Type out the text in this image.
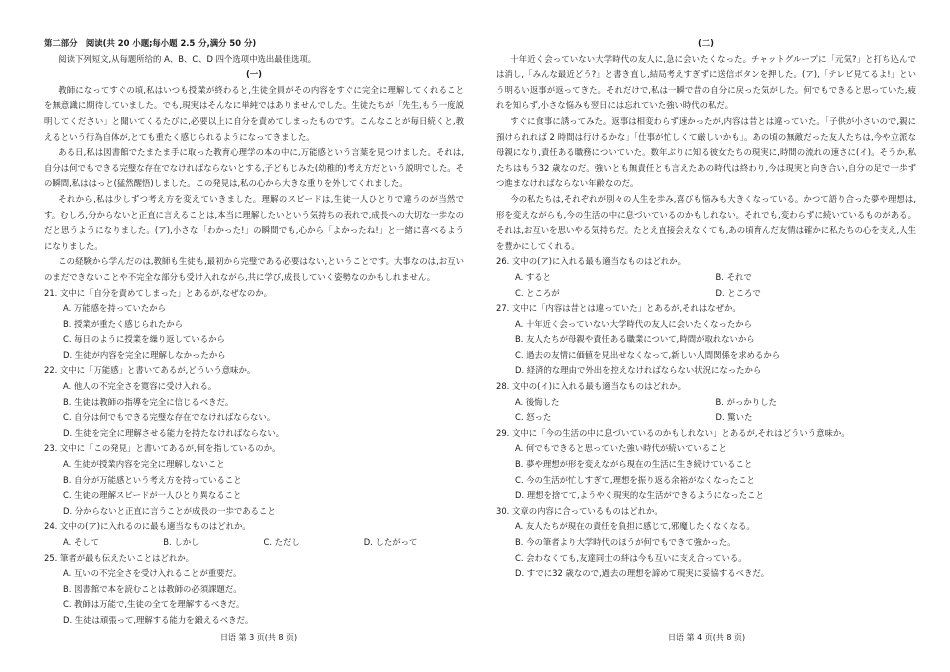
第二部分　阅读(共 20 小题;每小题 2.5 分,满分 50 分)

阅读下列短文,从每题所给的 A、B、C、D 四个选项中选出最佳选项。

(一)

教師になってすぐの頃,私はいつも授業が終わると,生徒全員がその内容をすぐに完全に理解してくれることを無意識に期待していました。でも,現実はそんなに単純ではありませんでした。生徒たちが「先生,もう一度説明してください」と聞いてくるたびに,必要以上に自分を責めてしまったものです。こんなことが毎日続くと,教えるという行為自体が,とても重たく感じられるようになってきました。

ある日,私は図書館でたまたま手に取った教育心理学の本の中に,万能感という言葉を見つけました。それは,自分は何でもできる完璧な存在でなければならないとする,子どもじみた(幼稚的)考え方だという説明でした。その瞬間,私ははっと(猛然醒悟)しました。この発見は,私の心から大きな重りを外してくれました。

それから,私は少しずつ考え方を変えていきました。理解のスピードは,生徒一人ひとりで違うのが当然です。むしろ,分からないと正直に言えることは,本当に理解したいという気持ちの表れで,成長への大切な一歩なのだと思うようになりました。(ア),小さな「わかった!」の瞬間でも,心から「よかったね!」と一緒に喜べるようになりました。

この経験から学んだのは,教師も生徒も,最初から完璧である必要はない,ということです。大事なのは,お互いのまだできないことや不完全な部分も受け入れながら,共に学び,成長していく姿勢なのかもしれません。

21. 文中に「自分を責めてしまった」とあるが,なぜなのか。

A. 万能感を持っていたから

B. 授業が重たく感じられたから

C. 毎日のように授業を繰り返しているから

D. 生徒が内容を完全に理解しなかったから

22. 文中に「万能感」と書いてあるが,どういう意味か。

A. 他人の不完全さを寛容に受け入れる。

B. 生徒は教師の指導を完全に信じるべきだ。

C. 自分は何でもできる完璧な存在でなければならない。

D. 生徒を完全に理解させる能力を持たなければならない。

23. 文中に「この発見」と書いてあるが,何を指しているのか。

A. 生徒が授業内容を完全に理解しないこと

B. 自分が万能感という考え方を持っていること

C. 生徒の理解スピードが一人ひとり異なること

D. 分からないと正直に言うことが成長の一歩であること

24. 文中の(ア)に入れるのに最も適当なものはどれか。

A. そして	B. しかし	C. ただし	D. したがって

25. 筆者が最も伝えたいことはどれか。

A. 互いの不完全さを受け入れることが重要だ。

B. 図書館で本を読むことは教師の必須課題だ。

C. 教師は万能で,生徒の全てを理解するべきだ。

D. 生徒は頑張って,理解する能力を鍛えるべきだ。

(二)

十年近く会っていない大学時代の友人に,急に会いたくなった。チャットグループに「元気?」と打ち込んでは消し,「みんな最近どう?」と書き直し,結局考えすぎずに送信ボタンを押した。(ア),「テレビ見てるよ!」という明るい返事が返ってきた。それだけで,私は一瞬で昔の自分に戻った気がした。何でもできると思っていた,疲れを知らず,小さな悩みも翌日には忘れていた強い時代の私だ。

すぐに食事に誘ってみた。返事は相変わらず速かったが,内容は昔とは違っていた。「子供が小さいので,親に預けられれば 2 時間は行けるかな」「仕事が忙しくて厳しいかも」。あの頃の無敵だった友人たちは,今や立派な母親になり,責任ある職務についていた。数年ぶりに知る彼女たちの現実に,時間の流れの速さに(イ)。そうか,私たちはもう32 歳なのだ。強いとも無責任とも言えたあの時代は終わり,今は現実と向き合い,自分の足で一歩ずつ進まなければならない年齢なのだ。

今の私たちは,それぞれが別々の人生を歩み,喜びも悩みも大きくなっている。かつて語り合った夢や理想は,形を変えながらも,今の生活の中に息づいているのかもしれない。それでも,変わらずに続いているものがある。それは,お互いを思いやる気持ちだ。たとえ直接会えなくても,あの頃育んだ友情は確かに私たちの心を支え,人生を豊かにしてくれる。

26. 文中の(ア)に入れる最も適当なものはどれか。

A. すると	B. それで
C. ところが	D. ところで

27. 文中に「内容は昔とは違っていた」とあるが,それはなぜか。

A. 十年近く会っていない大学時代の友人に会いたくなったから

B. 友人たちが母親や責任ある職業について,時間が取れないから

C. 過去の友情に価値を見出せなくなって,新しい人間関係を求めるから

D. 経済的な理由で外出を控えなければならない状況になったから

28. 文中の(イ)に入れる最も適当なものはどれか。

A. 後悔した	B. がっかりした
C. 怒った	D. 驚いた

29. 文中に「今の生活の中に息づいているのかもしれない」とあるが,それはどういう意味か。

A. 何でもできると思っていた強い時代が続いていること

B. 夢や理想が形を変えながら現在の生活に生き続けていること

C. 今の生活が忙しすぎて,理想を振り返る余裕がなくなったこと

D. 理想を捨てて,ようやく現実的な生活ができるようになったこと

30. 文章の内容に合っているものはどれか。

A. 友人たちが現在の責任を負担に感じて,邪魔したくなくなる。

B. 今の筆者より大学時代のほうが何でもできて強かった。

C. 会わなくても,友達同士の絆は今も互いに支え合っている。

D. すでに32 歳なので,過去の理想を諦めて現実に妥協するべきだ。

日语 第 3 页(共 8 页)	日语 第 4 页(共 8 页)
